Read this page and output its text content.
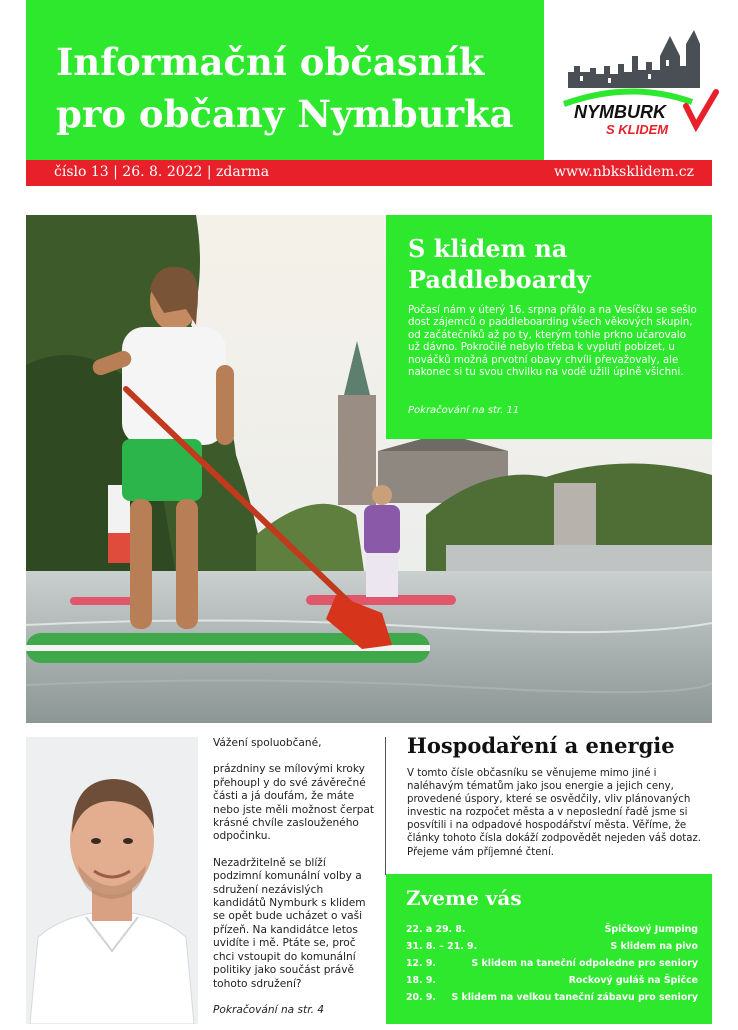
Informační občasník
pro občany Nymburka	NYMBURK
S KLIDEM
číslo 13 | 26. 8. 2022 | zdarma	www.nbksklidem.cz
S klidem na
Paddleboardy
Počasí nám v úterý 16. srpna přálo a na Vesíčku se sešlo dost zájemců o paddleboarding všech věkových skupin, od začátečníků až po ty, kterým tohle prkno učarovalo už dávno. Pokročilé nebylo třeba k vyplutí pobízet, u nováčků možná prvotní obavy chvíli převažovaly, ale nakonec si tu svou chvilku na vodě užili úplně všichni.
Pokračování na str. 11

Vážení spoluobčané,

prázdniny se mílovými kroky přehoupl y do své závěrečné části a já doufám, že máte nebo jste měli možnost čerpat krásné chvíle zaslouženého odpočinku.

Nezadržitelně se blíží podzimní komunální volby a sdružení nezávislých kandidátů Nymburk s klidem se opět bude ucházet o vaši přízeň. Na kandidátce letos uvidíte i mě. Ptáte se, proč chci vstoupit do komunální politiky jako součást právě tohoto sdružení?

Pokračování na str. 4

Hospodaření a energie
V tomto čísle občasníku se věnujeme mimo jiné i naléhavým tématům jako jsou energie a jejich ceny, provedené úspory, které se osvědčily, vliv plánovaných investic na rozpočet města a v neposlední řadě jsme si posvítili i na odpadové hospodářství města. Věříme, že články tohoto čísla dokáží zodpovědět nejeden váš dotaz. Přejeme vám příjemné čtení.
Zveme vás
22. a 29. 8.	Špičkový Jumping
31. 8. – 21. 9.	S klidem na pivo
12. 9.	S klidem na taneční odpoledne pro seniory
18. 9.	Rockový guláš na Špičce
20. 9. S klidem na velkou taneční zábavu pro seniory
